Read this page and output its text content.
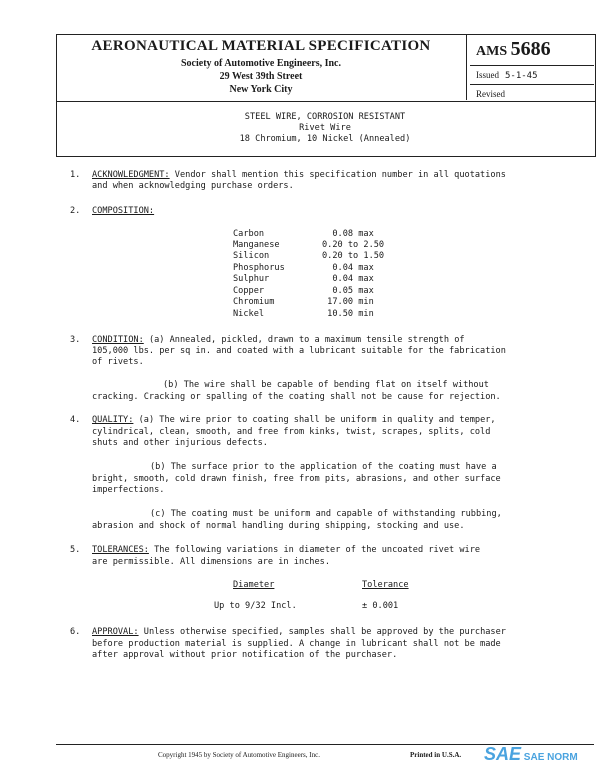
AERONAUTICAL MATERIAL SPECIFICATION
Society of Automotive Engineers, Inc.
29 West 39th Street
New York City
AMS 5686
Issued 5-1-45
Revised
STEEL WIRE, CORROSION RESISTANT
Rivet Wire
18 Chromium, 10 Nickel (Annealed)
1. ACKNOWLEDGMENT: Vendor shall mention this specification number in all quotations
and when acknowledging purchase orders.
2. COMPOSITION:
Carbon	0.08 max
Manganese	0.20 to 2.50
Silicon	0.20 to 1.50
Phosphorus	0.04 max
Sulphur	0.04 max
Copper	0.05 max
Chromium	17.00 min
Nickel	10.50 min
3. CONDITION: (a) Annealed, pickled, drawn to a maximum tensile strength of
105,000 lbs. per sq in. and coated with a lubricant suitable for the fabrication
of rivets.
(b) The wire shall be capable of bending flat on itself without
cracking. Cracking or spalling of the coating shall not be cause for rejection.
4. QUALITY: (a) The wire prior to coating shall be uniform in quality and temper,
cylindrical, clean, smooth, and free from kinks, twist, scrapes, splits, cold
shuts and other injurious defects.
(b) The surface prior to the application of the coating must have a
bright, smooth, cold drawn finish, free from pits, abrasions, and other surface
imperfections.
(c) The coating must be uniform and capable of withstanding rubbing,
abrasion and shock of normal handling during shipping, stocking and use.
5. TOLERANCES: The following variations in diameter of the uncoated rivet wire
are permissible. All dimensions are in inches.
Diameter	Tolerance
Up to 9/32 Incl.	± 0.001
6. APPROVAL: Unless otherwise specified, samples shall be approved by the purchaser
before production material is supplied. A change in lubricant shall not be made
after approval without prior notification of the purchaser.
Copyright 1945 by Society of Automotive Engineers, Inc.	Printed in U.S.A. SAE SAE NORM
